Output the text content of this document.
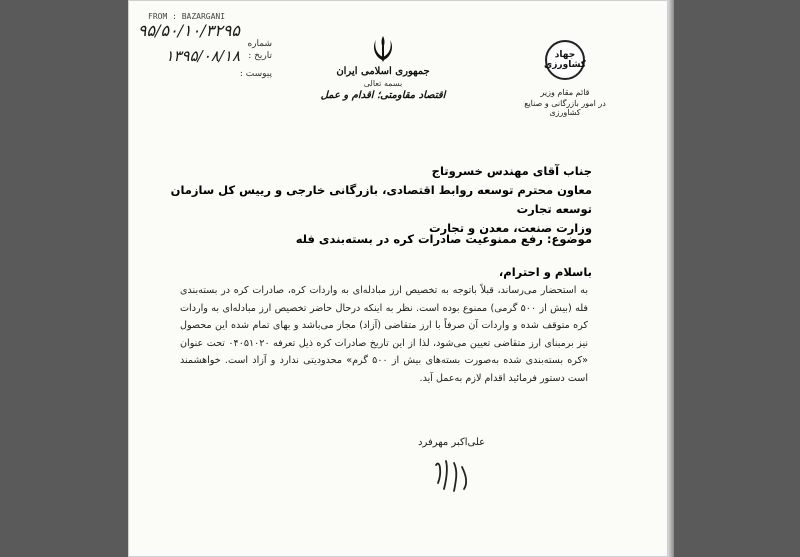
FROM : BAZARGANI
۹۵/۵۰/۱۰/۳۲۹۵
شماره
تاریخ :
۱۳۹۵/۰۸/۱۸
پیوست :	جمهوری اسلامی ایران
بسمه تعالی
اقتصاد مقاومتی؛ اقدام و عمل
جهاد کشاورزی
قائم مقام وزیر
در امور بازرگانی و صنایع کشاورزی
جناب آقای مهندس خسروتاج
معاون محترم توسعه روابط اقتصادی، بازرگانی خارجی و رییس کل سازمان توسعه تجارت
وزارت صنعت، معدن و تجارت
موضوع: رفع ممنوعیت صادرات کره در بسته‌بندی فله
باسلام و احترام،
به استحضار می‌رساند، قبلاً باتوجه به تخصیص ارز مبادله‌ای به واردات کره، صادرات کره در بسته‌بندی فله (بیش از ۵۰۰ گرمی) ممنوع بوده است. نظر به اینکه درحال حاضر تخصیص ارز مبادله‌ای به واردات کره متوقف شده و واردات آن صرفاً با ارز متقاضی (آزاد) مجاز می‌باشد و بهای تمام شده این محصول نیز برمبنای ارز متقاضی تعیین می‌شود، لذا از این تاریخ صادرات کره ذیل تعرفه ۰۴۰۵۱۰۲۰ تحت عنوان «کره بسته‌بندی شده به‌صورت بسته‌های بیش از ۵۰۰ گرم» محدودیتی ندارد و آزاد است. خواهشمند است دستور فرمائید اقدام لازم به‌عمل آید.
علی‌اکبر مهرفرد
